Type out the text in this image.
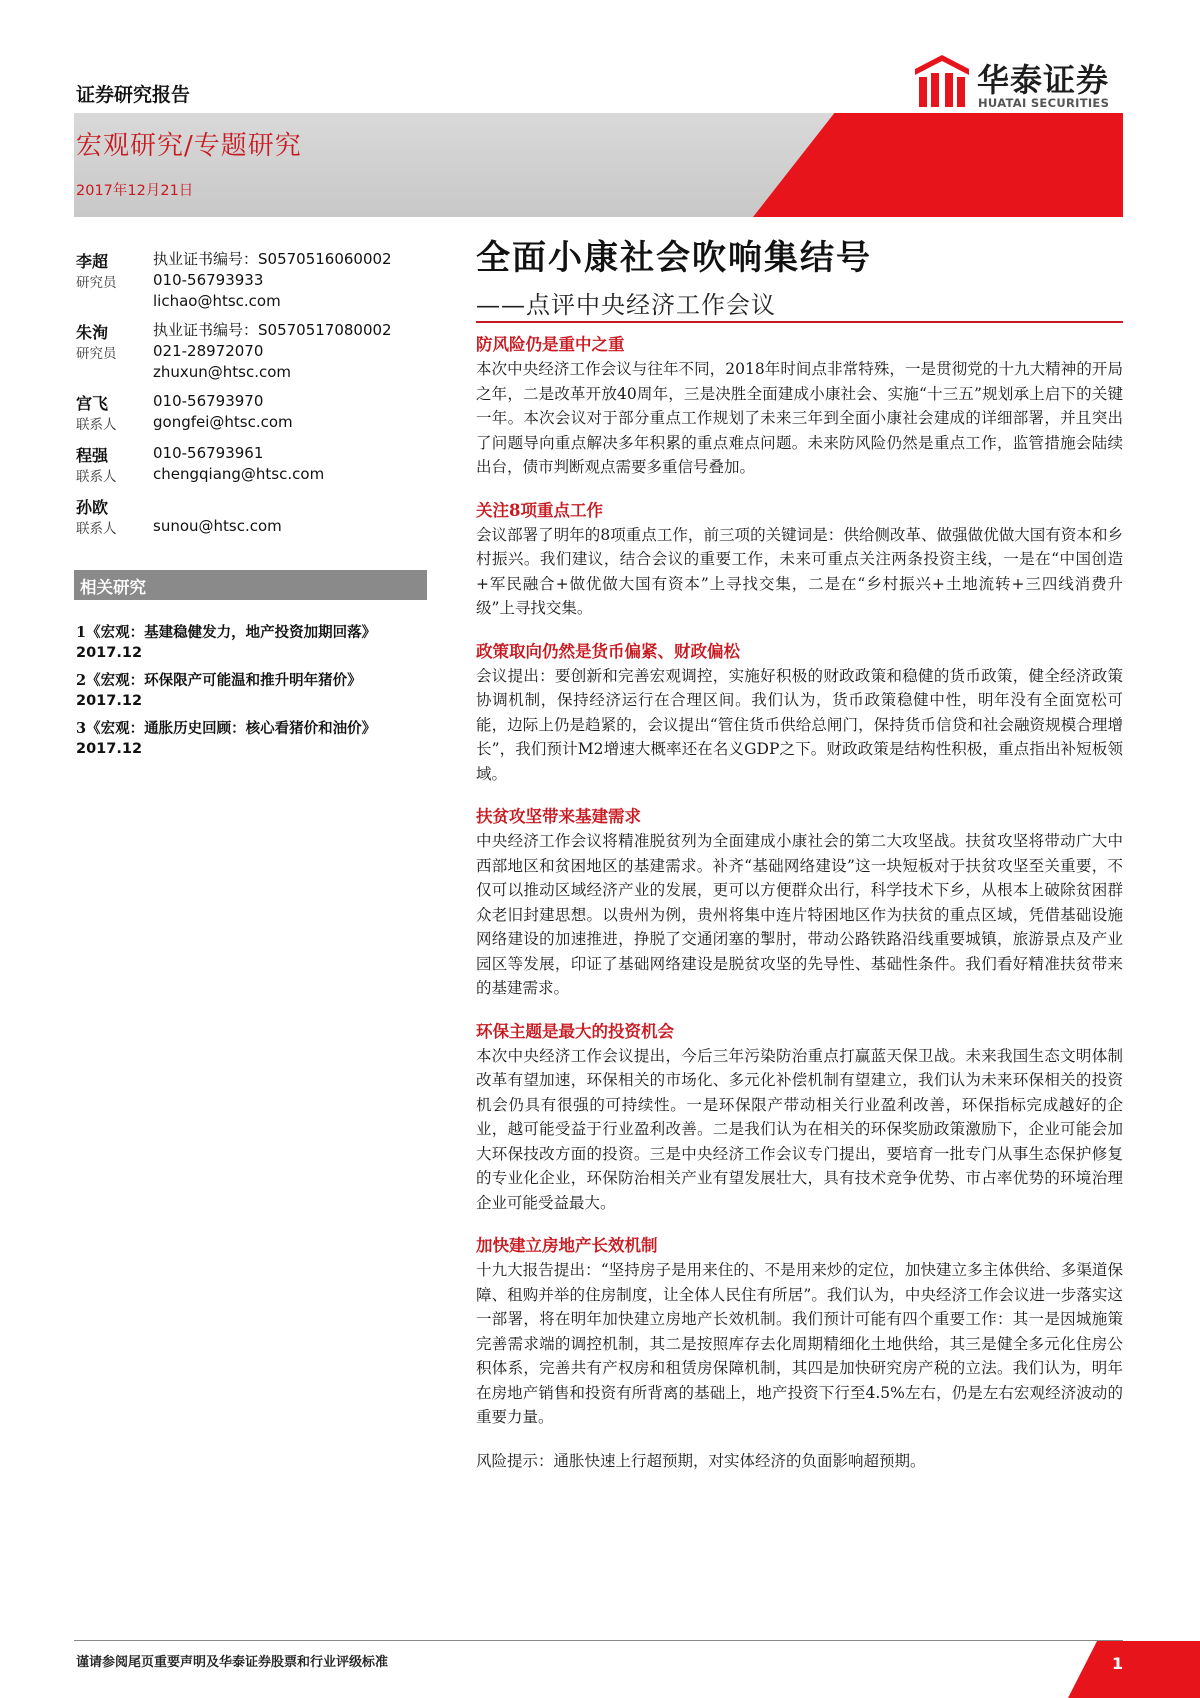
证券研究报告	华泰证券
HUATAI SECURITIES
宏观研究/专题研究
2017年12月21日
全面小康社会吹响集结号
——点评中央经济工作会议
李超
研究员
执业证书编号：S0570516060002
010-56793933
lichao@htsc.com
朱洵
研究员
执业证书编号：S0570517080002
021-28972070
zhuxun@htsc.com
宫飞
联系人
010-56793970
gongfei@htsc.com
程强
联系人
010-56793961
chengqiang@htsc.com
孙欧
联系人 sunou@htsc.com
相关研究
1《宏观：基建稳健发力，地产投资加期回落》
2017.12
2《宏观：环保限产可能温和推升明年猪价》
2017.12
3《宏观：通胀历史回顾：核心看猪价和油价》
2017.12
防风险仍是重中之重
本次中央经济工作会议与往年不同，2018年时间点非常特殊，一是贯彻党的十九大精神的开局之年，二是改革开放40周年，三是决胜全面建成小康社会、实施“十三五”规划承上启下的关键一年。本次会议对于部分重点工作规划了未来三年到全面小康社会建成的详细部署，并且突出了问题导向重点解决多年积累的重点难点问题。未来防风险仍然是重点工作，监管措施会陆续出台，债市判断观点需要多重信号叠加。
关注8项重点工作
会议部署了明年的8项重点工作，前三项的关键词是：供给侧改革、做强做优做大国有资本和乡村振兴。我们建议，结合会议的重要工作，未来可重点关注两条投资主线，一是在“中国创造+军民融合+做优做大国有资本”上寻找交集，二是在“乡村振兴+土地流转+三四线消费升级”上寻找交集。
政策取向仍然是货币偏紧、财政偏松
会议提出：要创新和完善宏观调控，实施好积极的财政政策和稳健的货币政策，健全经济政策协调机制，保持经济运行在合理区间。我们认为，货币政策稳健中性，明年没有全面宽松可能，边际上仍是趋紧的，会议提出“管住货币供给总闸门，保持货币信贷和社会融资规模合理增长”，我们预计M2增速大概率还在名义GDP之下。财政政策是结构性积极，重点指出补短板领域。
扶贫攻坚带来基建需求
中央经济工作会议将精准脱贫列为全面建成小康社会的第二大攻坚战。扶贫攻坚将带动广大中西部地区和贫困地区的基建需求。补齐“基础网络建设”这一块短板对于扶贫攻坚至关重要，不仅可以推动区域经济产业的发展，更可以方便群众出行，科学技术下乡，从根本上破除贫困群众老旧封建思想。以贵州为例，贵州将集中连片特困地区作为扶贫的重点区域，凭借基础设施网络建设的加速推进，挣脱了交通闭塞的掣肘，带动公路铁路沿线重要城镇，旅游景点及产业园区等发展，印证了基础网络建设是脱贫攻坚的先导性、基础性条件。我们看好精准扶贫带来的基建需求。
环保主题是最大的投资机会
本次中央经济工作会议提出，今后三年污染防治重点打赢蓝天保卫战。未来我国生态文明体制改革有望加速，环保相关的市场化、多元化补偿机制有望建立，我们认为未来环保相关的投资机会仍具有很强的可持续性。一是环保限产带动相关行业盈利改善，环保指标完成越好的企业，越可能受益于行业盈利改善。二是我们认为在相关的环保奖励政策激励下，企业可能会加大环保技改方面的投资。三是中央经济工作会议专门提出，要培育一批专门从事生态保护修复的专业化企业，环保防治相关产业有望发展壮大，具有技术竞争优势、市占率优势的环境治理企业可能受益最大。
加快建立房地产长效机制
十九大报告提出：“坚持房子是用来住的、不是用来炒的定位，加快建立多主体供给、多渠道保障、租购并举的住房制度，让全体人民住有所居”。我们认为，中央经济工作会议进一步落实这一部署，将在明年加快建立房地产长效机制。我们预计可能有四个重要工作：其一是因城施策完善需求端的调控机制，其二是按照库存去化周期精细化土地供给，其三是健全多元化住房公积体系，完善共有产权房和租赁房保障机制，其四是加快研究房产税的立法。我们认为，明年在房地产销售和投资有所背离的基础上，地产投资下行至4.5%左右，仍是左右宏观经济波动的重要力量。
风险提示：通胀快速上行超预期，对实体经济的负面影响超预期。
谨请参阅尾页重要声明及华泰证券股票和行业评级标准	1
